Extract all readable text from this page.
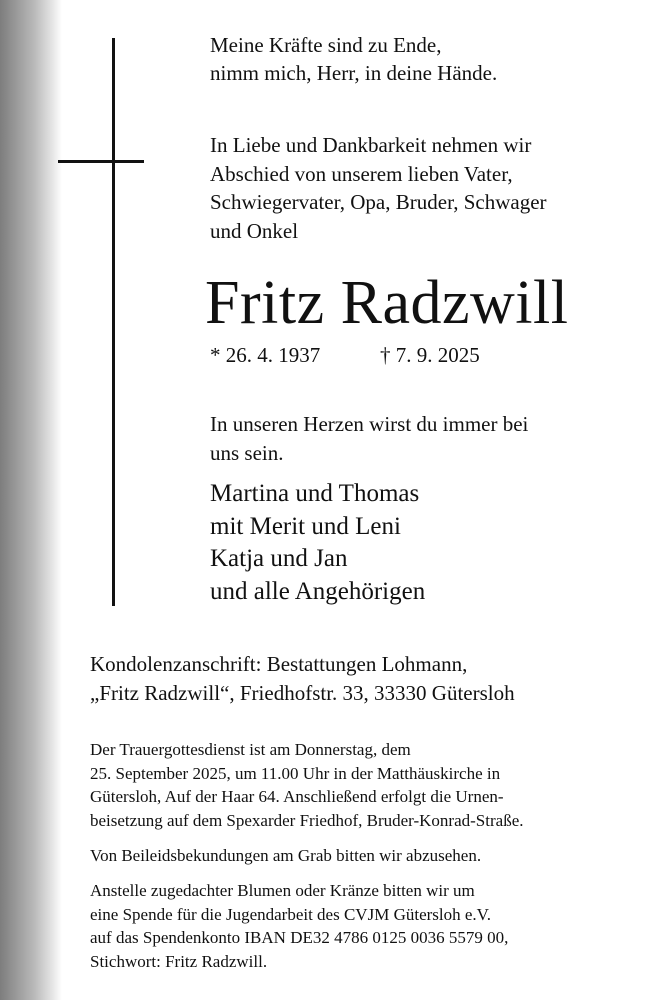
Meine Kräfte sind zu Ende,
nimm mich, Herr, in deine Hände.

In Liebe und Dankbarkeit nehmen wir
Abschied von unserem lieben Vater,
Schwiegervater, Opa, Bruder, Schwager
und Onkel

Fritz Radzwill

* 26. 4. 1937	† 7. 9. 2025

In unseren Herzen wirst du immer bei
uns sein.

Martina und Thomas
mit Merit und Leni
Katja und Jan
und alle Angehörigen

Kondolenzanschrift: Bestattungen Lohmann,
„Fritz Radzwill“, Friedhofstr. 33, 33330 Gütersloh

Der Trauergottesdienst ist am Donnerstag, dem
25. September 2025, um 11.00 Uhr in der Matthäuskirche in
Gütersloh, Auf der Haar 64. Anschließend erfolgt die Urnen-
beisetzung auf dem Spexarder Friedhof, Bruder-Konrad-Straße.

Von Beileidsbekundungen am Grab bitten wir abzusehen.

Anstelle zugedachter Blumen oder Kränze bitten wir um
eine Spende für die Jugendarbeit des CVJM Gütersloh e.V.
auf das Spendenkonto IBAN DE32 4786 0125 0036 5579 00,
Stichwort: Fritz Radzwill.
